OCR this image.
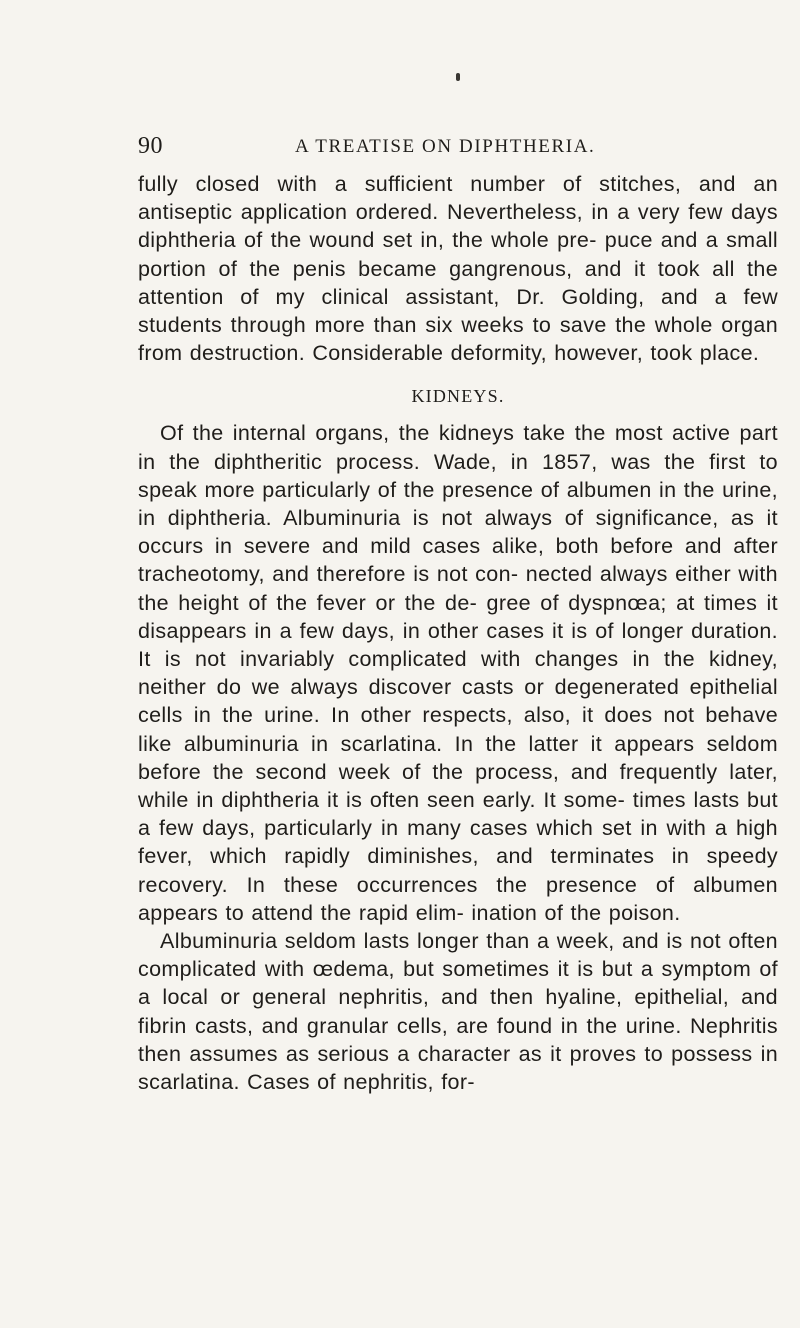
90	A TREATISE ON DIPHTHERIA.

fully closed with a sufficient number of stitches, and an antiseptic application ordered. Nevertheless, in a very few days diphtheria of the wound set in, the whole pre- puce and a small portion of the penis became gangrenous, and it took all the attention of my clinical assistant, Dr. Golding, and a few students through more than six weeks to save the whole organ from destruction. Considerable deformity, however, took place.

KIDNEYS.

Of the internal organs, the kidneys take the most active part in the diphtheritic process. Wade, in 1857, was the first to speak more particularly of the presence of albumen in the urine, in diphtheria. Albuminuria is not always of significance, as it occurs in severe and mild cases alike, both before and after tracheotomy, and therefore is not con- nected always either with the height of the fever or the de- gree of dyspnœa; at times it disappears in a few days, in other cases it is of longer duration. It is not invariably complicated with changes in the kidney, neither do we always discover casts or degenerated epithelial cells in the urine. In other respects, also, it does not behave like albuminuria in scarlatina. In the latter it appears seldom before the second week of the process, and frequently later, while in diphtheria it is often seen early. It some- times lasts but a few days, particularly in many cases which set in with a high fever, which rapidly diminishes, and terminates in speedy recovery. In these occurrences the presence of albumen appears to attend the rapid elim- ination of the poison.

Albuminuria seldom lasts longer than a week, and is not often complicated with œdema, but sometimes it is but a symptom of a local or general nephritis, and then hyaline, epithelial, and fibrin casts, and granular cells, are found in the urine. Nephritis then assumes as serious a character as it proves to possess in scarlatina. Cases of nephritis, for-
